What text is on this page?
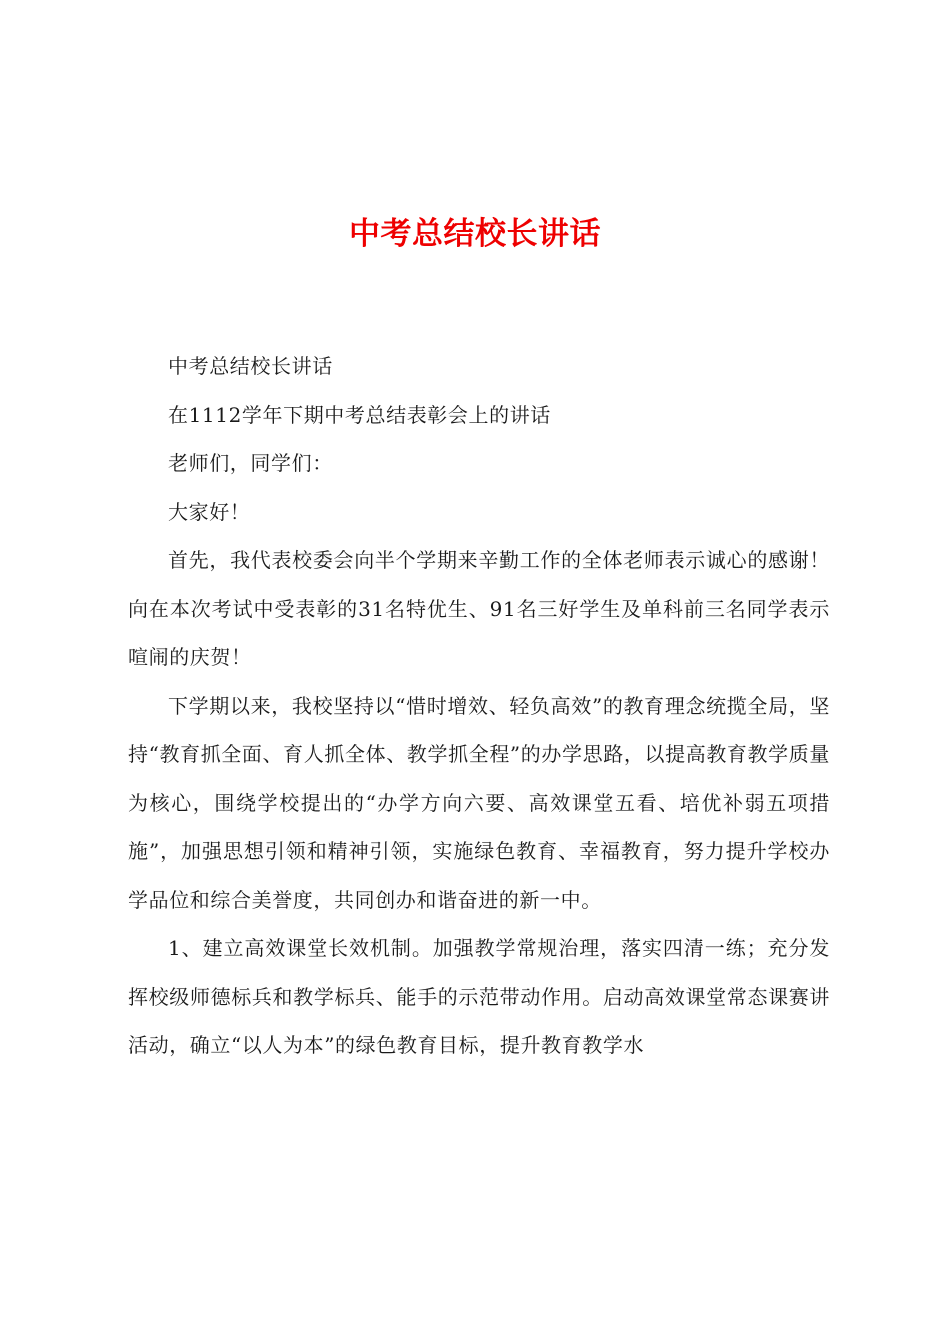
中考总结校长讲话

中考总结校长讲话

在1112学年下期中考总结表彰会上的讲话

老师们，同学们：

大家好！

首先，我代表校委会向半个学期来辛勤工作的全体老师表示诚心的感谢！向在本次考试中受表彰的31名特优生、91名三好学生及单科前三名同学表示喧闹的庆贺！

下学期以来，我校坚持以“惜时增效、轻负高效”的教育理念统揽全局，坚持“教育抓全面、育人抓全体、教学抓全程”的办学思路，以提高教育教学质量为核心，围绕学校提出的“办学方向六要、高效课堂五看、培优补弱五项措施”，加强思想引领和精神引领，实施绿色教育、幸福教育，努力提升学校办学品位和综合美誉度，共同创办和谐奋进的新一中。

1、建立高效课堂长效机制。加强教学常规治理，落实四清一练；充分发挥校级师德标兵和教学标兵、能手的示范带动作用。启动高效课堂常态课赛讲活动，确立“以人为本”的绿色教育目标，提升教育教学水
